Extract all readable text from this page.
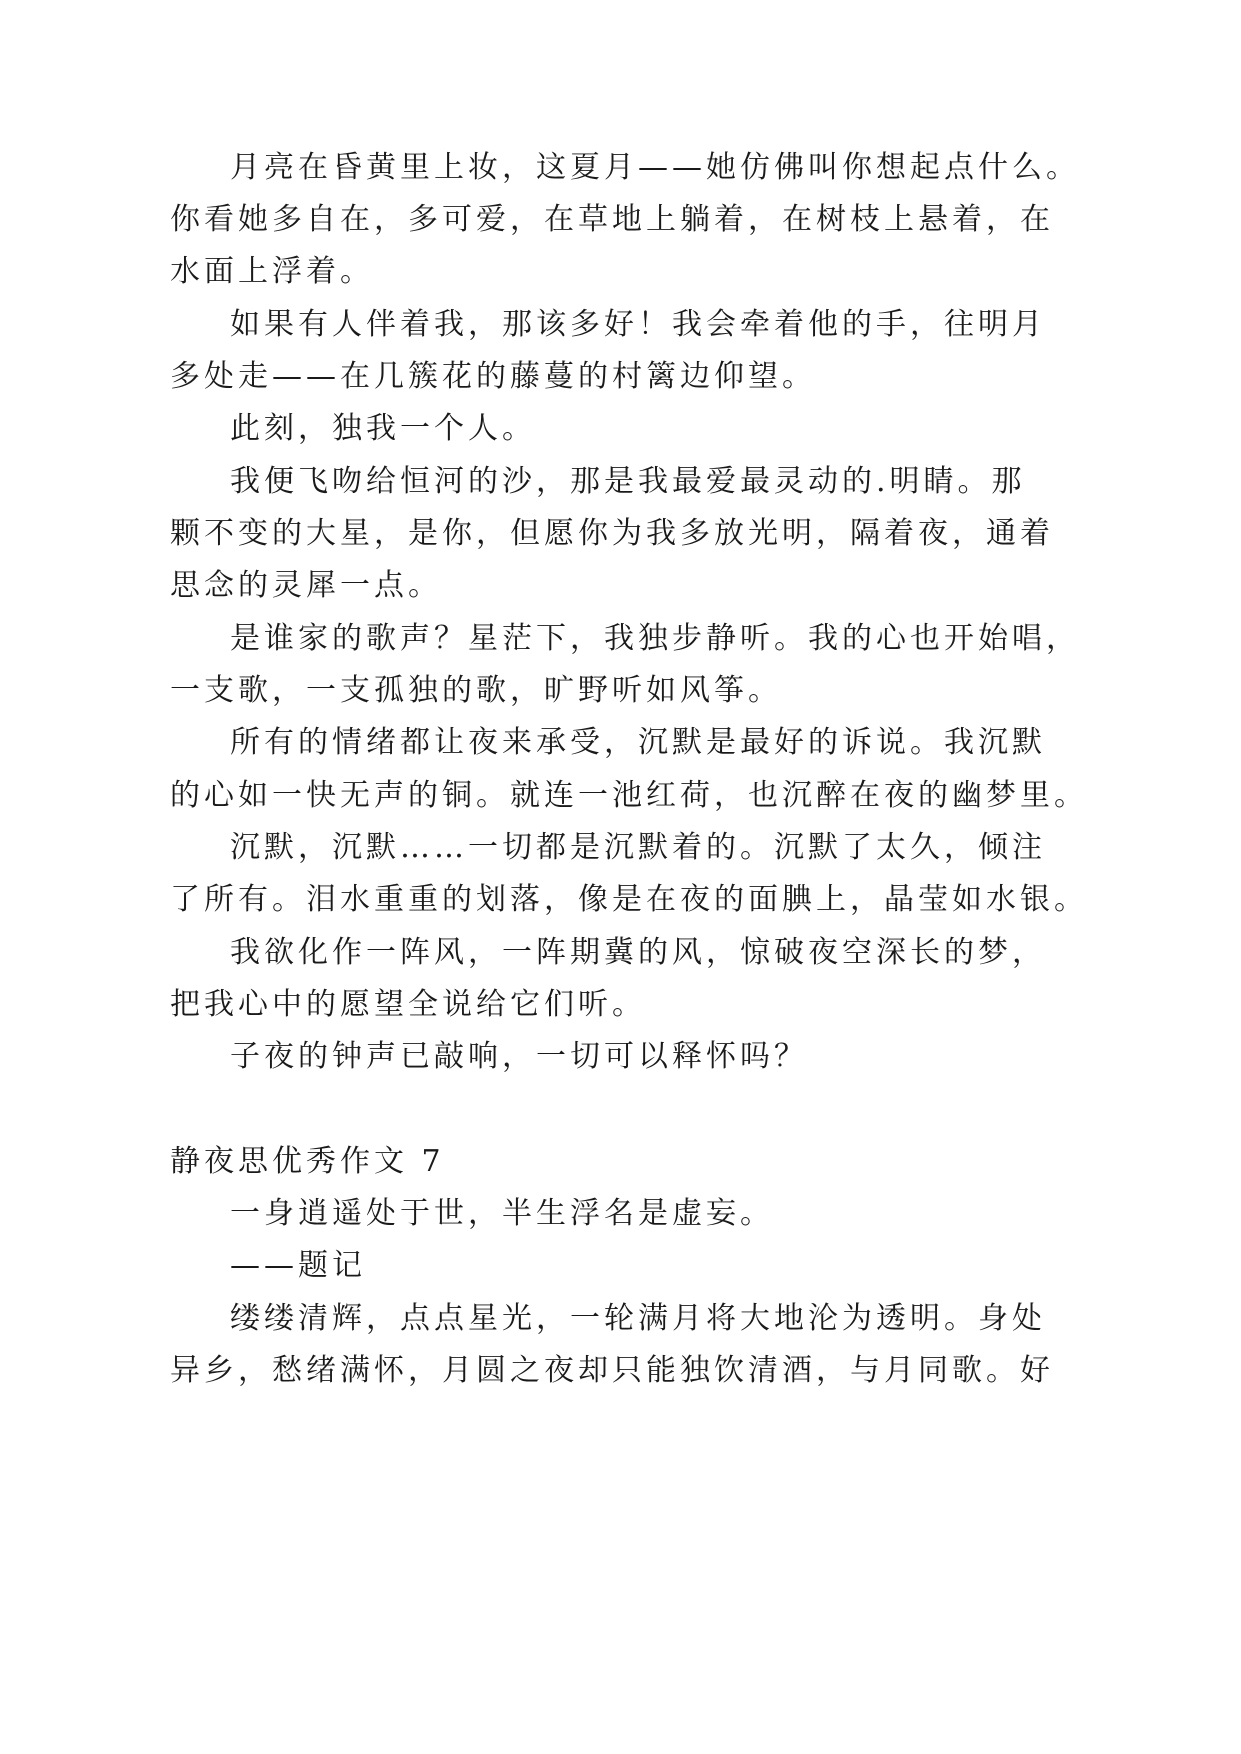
月亮在昏黄里上妆，这夏月——她仿佛叫你想起点什么。
你看她多自在，多可爱，在草地上躺着，在树枝上悬着，在
水面上浮着。
如果有人伴着我，那该多好！我会牵着他的手，往明月
多处走——在几簇花的藤蔓的村篱边仰望。
此刻，独我一个人。
我便飞吻给恒河的沙，那是我最爱最灵动的.明睛。那
颗不变的大星，是你，但愿你为我多放光明，隔着夜，通着
思念的灵犀一点。
是谁家的歌声？星茫下，我独步静听。我的心也开始唱，
一支歌，一支孤独的歌，旷野听如风筝。
所有的情绪都让夜来承受，沉默是最好的诉说。我沉默
的心如一快无声的铜。就连一池红荷，也沉醉在夜的幽梦里。
沉默，沉默……一切都是沉默着的。沉默了太久，倾注
了所有。泪水重重的划落，像是在夜的面腆上，晶莹如水银。
我欲化作一阵风，一阵期冀的风，惊破夜空深长的梦，
把我心中的愿望全说给它们听。
子夜的钟声已敲响，一切可以释怀吗？
静夜思优秀作文 7
一身逍遥处于世，半生浮名是虚妄。
——题记
缕缕清辉，点点星光，一轮满月将大地沦为透明。身处
异乡，愁绪满怀，月圆之夜却只能独饮清酒，与月同歌。好
